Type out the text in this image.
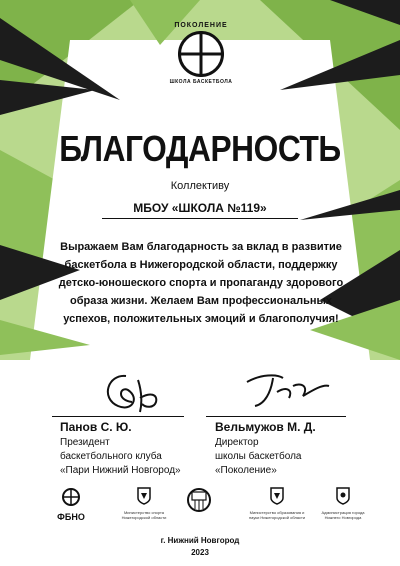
ПОКОЛЕНИЕ
ШКОЛА БАСКЕТБОЛА
БЛАГОДАРНОСТЬ
Коллективу
МБОУ «ШКОЛА №119»
Выражаем Вам благодарность за вклад в развитие баскетбола в Нижегородской области, поддержку детско-юношеского спорта и пропаганду здорового образа жизни. Желаем Вам профессиональных успехов, положительных эмоций и благополучия!
Панов С. Ю.
Президент
баскетбольного клуба
«Пари Нижний Новгород»
Вельмужов М. Д.
Директор
школы баскетбола
«Поколение»
ФБНО	Министерство спорта Нижегородской области
Министерство образования и науки Нижегородской области
Администрация города Нижнего Новгорода
г. Нижний Новгород
2023
